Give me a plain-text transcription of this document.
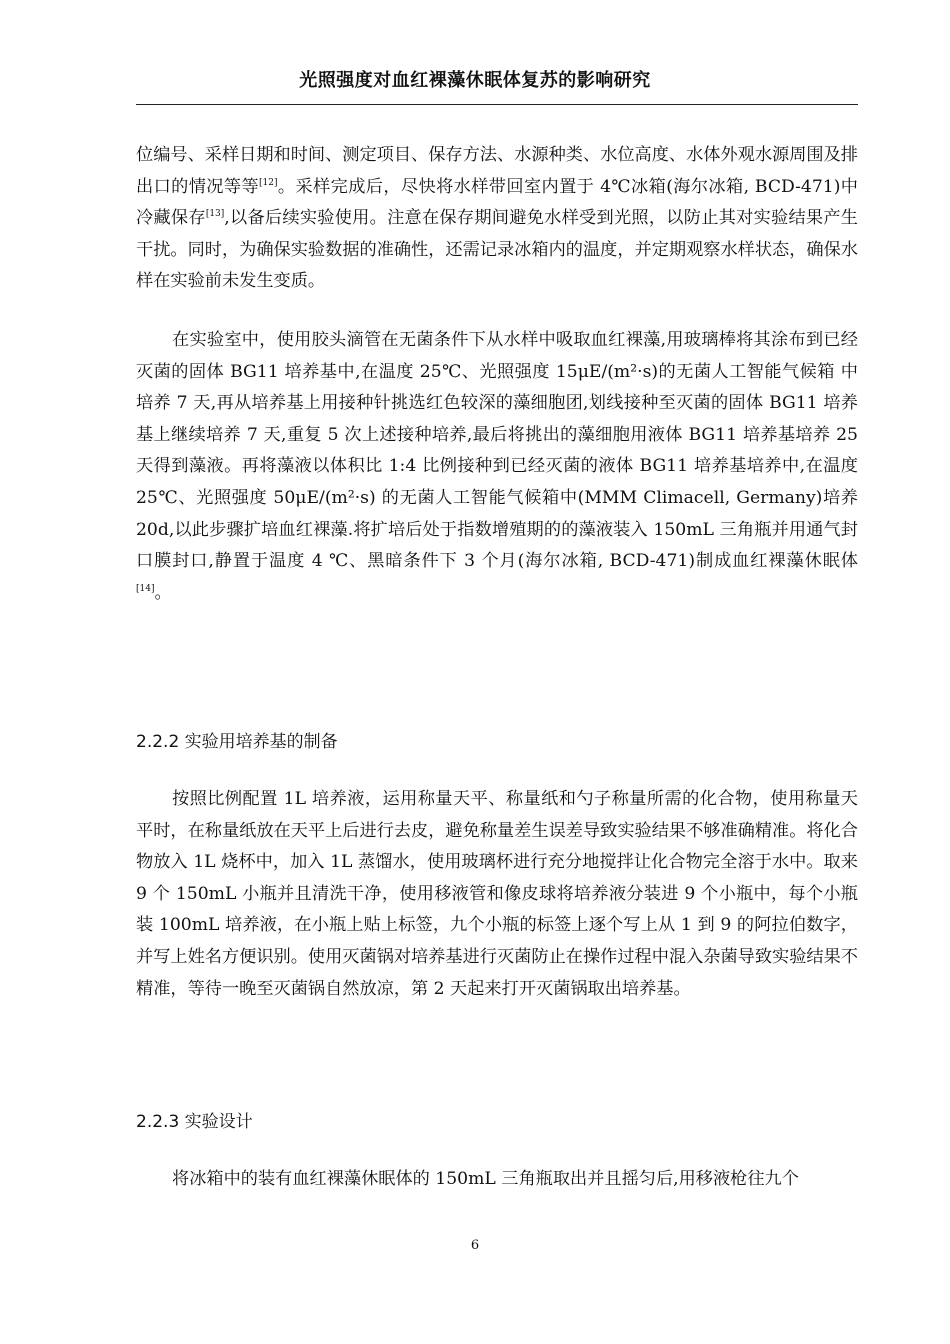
光照强度对血红裸藻休眠体复苏的影响研究

位编号、采样日期和时间、测定项目、保存方法、水源种类、水位高度、水体外观水源周围及排出口的情况等等[12]。采样完成后，尽快将水样带回室内置于 4℃冰箱(海尔冰箱, BCD-471)中冷藏保存[13],以备后续实验使用。注意在保存期间避免水样受到光照，以防止其对实验结果产生干扰。同时，为确保实验数据的准确性，还需记录冰箱内的温度，并定期观察水样状态，确保水样在实验前未发生变质。

在实验室中，使用胶头滴管在无菌条件下从水样中吸取血红裸藻,用玻璃棒将其涂布到已经灭菌的固体 BG11 培养基中,在温度 25℃、光照强度 15μE/(m²·s)的无菌人工智能气候箱 中培养 7 天,再从培养基上用接种针挑选红色较深的藻细胞团,划线接种至灭菌的固体 BG11 培养基上继续培养 7 天,重复 5 次上述接种培养,最后将挑出的藻细胞用液体 BG11 培养基培养 25 天得到藻液。再将藻液以体积比 1:4 比例接种到已经灭菌的液体 BG11 培养基培养中,在温度 25℃、光照强度 50μE/(m²·s) 的无菌人工智能气候箱中(MMM Climacell, Germany)培养 20d,以此步骤扩培血红裸藻.将扩培后处于指数增殖期的的藻液装入 150mL 三角瓶并用通气封口膜封口,静置于温度 4 ℃、黑暗条件下 3 个月(海尔冰箱, BCD-471)制成血红裸藻休眠体[14]。

2.2.2 实验用培养基的制备

按照比例配置 1L 培养液，运用称量天平、称量纸和勺子称量所需的化合物，使用称量天平时，在称量纸放在天平上后进行去皮，避免称量差生误差导致实验结果不够准确精准。将化合物放入 1L 烧杯中，加入 1L 蒸馏水，使用玻璃杯进行充分地搅拌让化合物完全溶于水中。取来 9 个 150mL 小瓶并且清洗干净，使用移液管和像皮球将培养液分装进 9 个小瓶中，每个小瓶装 100mL 培养液，在小瓶上贴上标签，九个小瓶的标签上逐个写上从 1 到 9 的阿拉伯数字，并写上姓名方便识别。使用灭菌锅对培养基进行灭菌防止在操作过程中混入杂菌导致实验结果不精准，等待一晚至灭菌锅自然放凉，第 2 天起来打开灭菌锅取出培养基。

2.2.3 实验设计

将冰箱中的装有血红裸藻休眠体的 150mL 三角瓶取出并且摇匀后,用移液枪往九个

6
